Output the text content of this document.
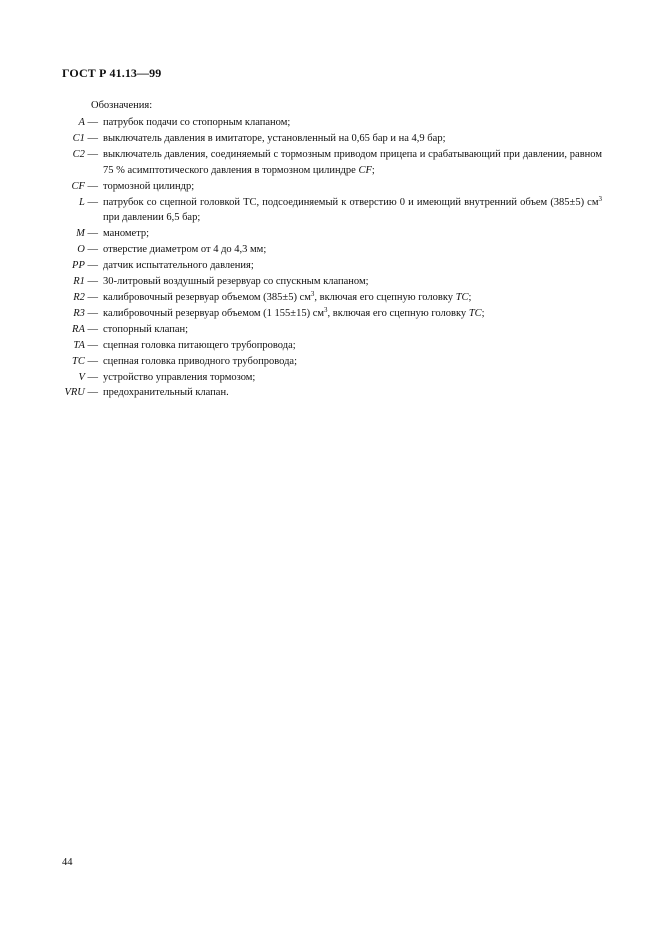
ГОСТ Р 41.13—99

Обозначения:

A — патрубок подачи со стопорным клапаном;
C1 — выключатель давления в имитаторе, установленный на 0,65 бар и на 4,9 бар;
C2 — выключатель давления, соединяемый с тормозным приводом прицепа и срабатывающий при давлении, равном 75 % асимптотического давления в тормозном цилиндре CF;
CF — тормозной цилиндр;
L — патрубок со сцепной головкой ТС, подсоединяемый к отверстию 0 и имеющий внутренний объем (385±5) $см^3$ при давлении 6,5 бар;
M — манометр;
O — отверстие диаметром от 4 до 4,3 мм;
PP — датчик испытательного давления;
R1 — 30-литровый воздушный резервуар со спускным клапаном;
R2 — калибровочный резервуар объемом (385±5) $см^3$, включая его сцепную головку TC;
R3 — калибровочный резервуар объемом (1 155±15) $см^3$, включая его сцепную головку TC;
RA — стопорный клапан;
TA — сцепная головка питающего трубопровода;
TC — сцепная головка приводного трубопровода;
V — устройство управления тормозом;
VRU — предохранительный клапан.

44
